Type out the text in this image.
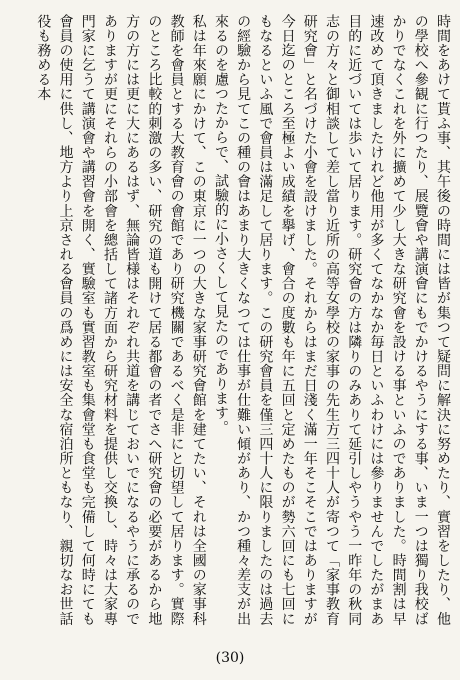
時間をあけて貰ふ事、其午後の時間には皆が集つて疑問に解決に努めたり、實習をしたり、他の學校へ參観に行つたり、展覽會や講演會にもでかけるやうにする事、いま一つは獨り我校ばかりでなくこれを外に擴めて少し大きな研究會を設ける事といふのでありました。時間割は早速改めて頂きましたけれど他用が多くてなかなか毎日といふわけには參りませんでしたがまあ目的に近づいては歩いて居ります。研究會の方は隣りのみありて延引しやうやう一昨年の秋同志の方々と御相談して差し當り近所の高等女學校の家事の先生方三四十人が寄つて「家事教育研究會」と名づけた小會を設けました。それからはまだ日淺く滿一年そこそこではありますが今日迄のところ至極よい成績を擧げ、會合の度數も年に五回と定めたものが勢六回にも七回にもなるといふ風で會員は滿足して居ります。この研究會員を僅三四十人に限りましたのは過去の經驗から見てこの種の會はあまり大きくなつては仕事が仕難い傾があり、かつ種々差支が出來るのを慮つたからで、試驗的に小さくして見たのであります。

私は年來願にかけて、この東京に一つの大きな家事研究會館を建てたい、それは全國の家事科教師を會員とする大教育會の會館であり研究機關であるべく是非にと切望して居ります。實際のところ比較的刺激の多い、研究の道も開けて居る都會の者でさへ研究會の必要があるから地方の方には更に大にあるはず、無論皆様はそれぞれ共道を講じておいでになるやうに承るのでありますが更にそれらの小部會を總括して諸方面から研究材料を提供し交換し、時々は大家專門家に乞うて講演會や講習會を開く、實驗室も實習教室も集會堂も食堂も完備して何時にても會員の使用に供し、地方より上京される會員の爲めには安全な宿泊所ともなり、親切なお世話役も務める本

(30)
